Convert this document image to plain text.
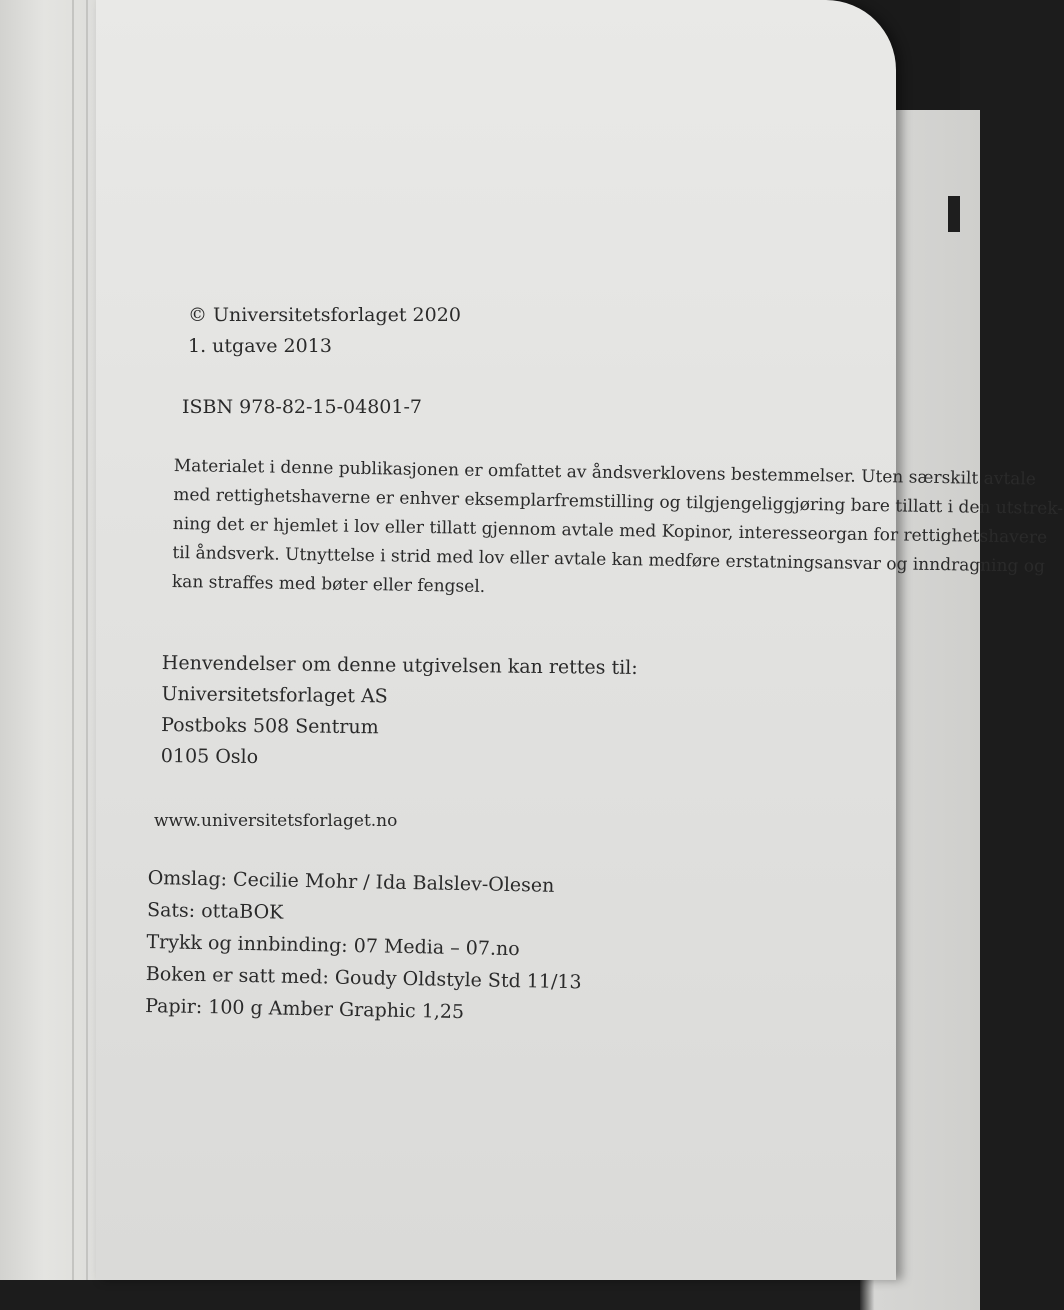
© Universitetsforlaget 2020
1. utgave 2013
ISBN 978-82-15-04801-7
Materialet i denne publikasjonen er omfattet av åndsverklovens bestemmelser. Uten særskilt avtale
med rettighetshaverne er enhver eksemplarfremstilling og tilgjengeliggjøring bare tillatt i den utstrek-
ning det er hjemlet i lov eller tillatt gjennom avtale med Kopinor, interesseorgan for rettighetshavere
til åndsverk. Utnyttelse i strid med lov eller avtale kan medføre erstatningsansvar og inndragning og
kan straffes med bøter eller fengsel.
Henvendelser om denne utgivelsen kan rettes til:
Universitetsforlaget AS
Postboks 508 Sentrum
0105 Oslo
www.universitetsforlaget.no
Omslag: Cecilie Mohr / Ida Balslev-Olesen
Sats: ottaBOK
Trykk og innbinding: 07 Media – 07.no
Boken er satt med: Goudy Oldstyle Std 11/13
Papir: 100 g Amber Graphic 1,25
